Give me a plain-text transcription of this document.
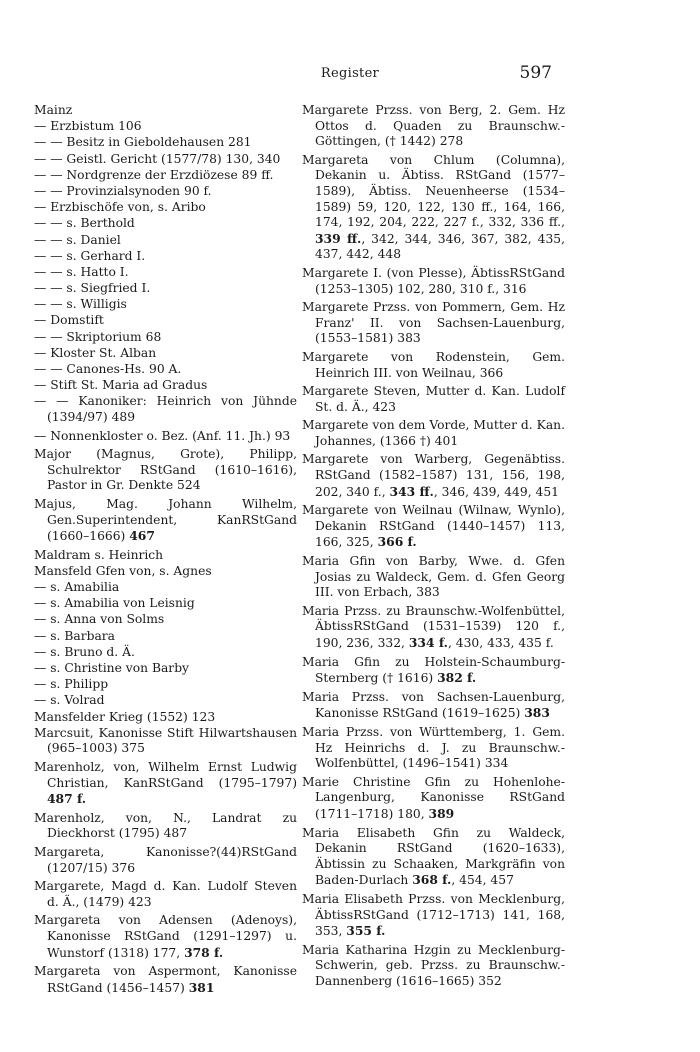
Register	597

Mainz

— Erzbistum 106

— — Besitz in Gieboldehausen 281

— — Geistl. Gericht (1577/78) 130, 340

— — Nordgrenze der Erzdiözese 89 ff.

— — Provinzialsynoden 90 f.

— Erzbischöfe von, s. Aribo

— — s. Berthold

— — s. Daniel

— — s. Gerhard I.

— — s. Hatto I.

— — s. Siegfried I.

— — s. Willigis

— Domstift

— — Skriptorium 68

— Kloster St. Alban

— — Canones-Hs. 90 A.

— Stift St. Maria ad Gradus

— — Kanoniker: Heinrich von Jühnde (1394/97) 489

— Nonnenkloster o. Bez. (Anf. 11. Jh.) 93

Major (Magnus, Grote), Philipp, Schulrektor RStGand (1610–1616), Pastor in Gr. Denkte 524

Majus, Mag. Johann Wilhelm, Gen.Superintendent, KanRStGand (1660–1666) 467

Maldram s. Heinrich

Mansfeld Gfen von, s. Agnes

— s. Amabilia

— s. Amabilia von Leisnig

— s. Anna von Solms

— s. Barbara

— s. Bruno d. Ä.

— s. Christine von Barby

— s. Philipp

— s. Volrad

Mansfelder Krieg (1552) 123

Marcsuit, Kanonisse Stift Hilwartshausen (965–1003) 375

Marenholz, von, Wilhelm Ernst Ludwig Christian, KanRStGand (1795–1797) 487 f.

Marenholz, von, N., Landrat zu Dieckhorst (1795) 487

Margareta, Kanonisse?(44)RStGand (1207/15) 376

Margarete, Magd d. Kan. Ludolf Steven d. Ä., (1479) 423

Margareta von Adensen (Adenoys), Kanonisse RStGand (1291–1297) u. Wunstorf (1318) 177, 378 f.

Margareta von Aspermont, Kanonisse RStGand (1456–1457) 381

Margarete Przss. von Berg, 2. Gem. Hz Ottos d. Quaden zu Braunschw.-Göttingen, († 1442) 278

Margareta von Chlum (Columna), Dekanin u. Äbtiss. RStGand (1577–1589), Äbtiss. Neuenheerse (1534–1589) 59, 120, 122, 130 ff., 164, 166, 174, 192, 204, 222, 227 f., 332, 336 ff., 339 ff., 342, 344, 346, 367, 382, 435, 437, 442, 448

Margarete I. (von Plesse), ÄbtissRStGand (1253–1305) 102, 280, 310 f., 316

Margarete Przss. von Pommern, Gem. Hz Franz' II. von Sachsen-Lauenburg, (1553–1581) 383

Margarete von Rodenstein, Gem. Heinrich III. von Weilnau, 366

Margarete Steven, Mutter d. Kan. Ludolf St. d. Ä., 423

Margarete von dem Vorde, Mutter d. Kan. Johannes, (1366 †) 401

Margarete von Warberg, Gegenäbtiss. RStGand (1582–1587) 131, 156, 198, 202, 340 f., 343 ff., 346, 439, 449, 451

Margarete von Weilnau (Wilnaw, Wynlo), Dekanin RStGand (1440–1457) 113, 166, 325, 366 f.

Maria Gfin von Barby, Wwe. d. Gfen Josias zu Waldeck, Gem. d. Gfen Georg III. von Erbach, 383

Maria Przss. zu Braunschw.-Wolfenbüttel, ÄbtissRStGand (1531–1539) 120 f., 190, 236, 332, 334 f., 430, 433, 435 f.

Maria Gfin zu Holstein-Schaumburg-Sternberg († 1616) 382 f.

Maria Przss. von Sachsen-Lauenburg, Kanonisse RStGand (1619–1625) 383

Maria Przss. von Württemberg, 1. Gem. Hz Heinrichs d. J. zu Braunschw.-Wolfenbüttel, (1496–1541) 334

Marie Christine Gfin zu Hohenlohe-Langenburg, Kanonisse RStGand (1711–1718) 180, 389

Maria Elisabeth Gfin zu Waldeck, Dekanin RStGand (1620–1633), Äbtissin zu Schaaken, Markgräfin von Baden-Durlach 368 f., 454, 457

Maria Elisabeth Przss. von Mecklenburg, ÄbtissRStGand (1712–1713) 141, 168, 353, 355 f.

Maria Katharina Hzgin zu Mecklenburg-Schwerin, geb. Przss. zu Braunschw.-Dannenberg (1616–1665) 352
